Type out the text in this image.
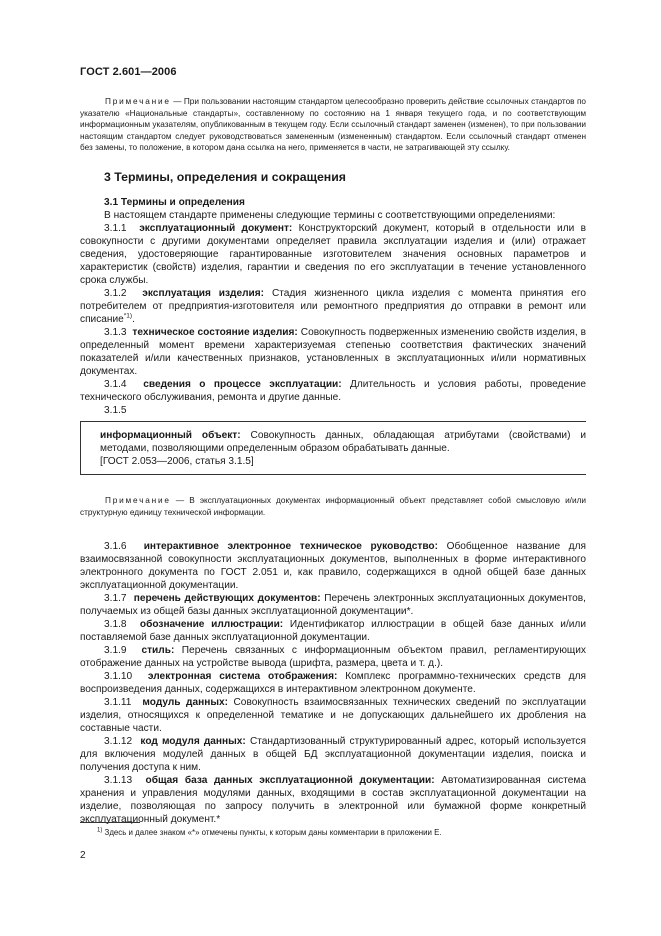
ГОСТ 2.601—2006
Примечание — При пользовании настоящим стандартом целесообразно проверить действие ссылочных стандартов по указателю «Национальные стандарты», составленному по состоянию на 1 января текущего года, и по соответствующим информационным указателям, опубликованным в текущем году. Если ссылочный стандарт заменен (изменен), то при пользовании настоящим стандартом следует руководствоваться замененным (измененным) стандартом. Если ссылочный стандарт отменен без замены, то положение, в котором дана ссылка на него, применяется в части, не затрагивающей эту ссылку.
3 Термины, определения и сокращения
3.1 Термины и определения

В настоящем стандарте применены следующие термины с соответствующими определениями:

3.1.1 эксплуатационный документ: Конструкторский документ, который в отдельности или в совокупности с другими документами определяет правила эксплуатации изделия и (или) отражает сведения, удостоверяющие гарантированные изготовителем значения основных параметров и характеристик (свойств) изделия, гарантии и сведения по его эксплуатации в течение установленного срока службы.

3.1.2 эксплуатация изделия: Стадия жизненного цикла изделия с момента принятия его потребителем от предприятия-изготовителя или ремонтного предприятия до отправки в ремонт или списание$^{*1)}$.

3.1.3 техническое состояние изделия: Совокупность подверженных изменению свойств изделия, в определенный момент времени характеризуемая степенью соответствия фактических значений показателей и/или качественных признаков, установленных в эксплуатационных и/или нормативных документах.

3.1.4 сведения о процессе эксплуатации: Длительность и условия работы, проведение технического обслуживания, ремонта и другие данные.

3.1.5

информационный объект: Совокупность данных, обладающая атрибутами (свойствами) и методами, позволяющими определенным образом обрабатывать данные.
[ГОСТ 2.053—2006, статья 3.1.5]
Примечание — В эксплуатационных документах информационный объект представляет собой смысловую и/или структурную единицу технической информации.

3.1.6 интерактивное электронное техническое руководство: Обобщенное название для взаимосвязанной совокупности эксплуатационных документов, выполненных в форме интерактивного электронного документа по ГОСТ 2.051 и, как правило, содержащихся в одной общей базе данных эксплуатационной документации.

3.1.7 перечень действующих документов: Перечень электронных эксплуатационных документов, получаемых из общей базы данных эксплуатационной документации*.

3.1.8 обозначение иллюстрации: Идентификатор иллюстрации в общей базе данных и/или поставляемой базе данных эксплуатационной документации.

3.1.9 стиль: Перечень связанных с информационным объектом правил, регламентирующих отображение данных на устройстве вывода (шрифта, размера, цвета и т. д.).

3.1.10 электронная система отображения: Комплекс программно-технических средств для воспроизведения данных, содержащихся в интерактивном электронном документе.

3.1.11 модуль данных: Совокупность взаимосвязанных технических сведений по эксплуатации изделия, относящихся к определенной тематике и не допускающих дальнейшего их дробления на составные части.

3.1.12 код модуля данных: Стандартизованный структурированный адрес, который используется для включения модулей данных в общей БД эксплуатационной документации изделия, поиска и получения доступа к ним.

3.1.13 общая база данных эксплуатационной документации: Автоматизированная система хранения и управления модулями данных, входящими в состав эксплуатационной документации на изделие, позволяющая по запросу получить в электронной или бумажной форме конкретный эксплуатационный документ.*

$^{1)}$ Здесь и далее знаком «*» отмечены пункты, к которым даны комментарии в приложении Е.
2
